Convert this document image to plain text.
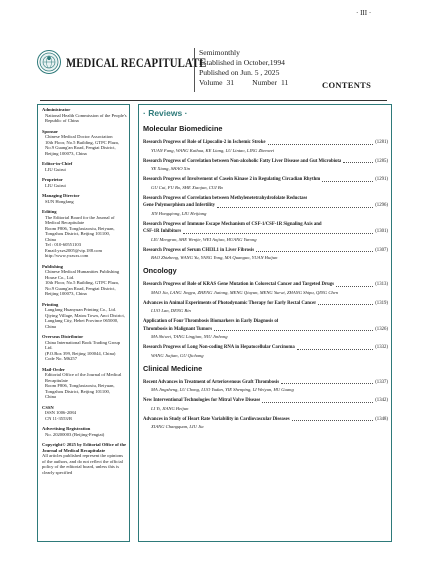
· III ·
MEDICAL RECAPITULATE
Semimonthly
Established in October,1994
Published on Jun. 5 , 2025
Volume 31 Number 11	CONTENTS
Administrator
National Health Commission of the People's Republic of China
Sponsor
Chinese Medical Doctor Association
10th Floor, No.5 Building, GTPC Plaza,
No.9 Guang'an Road, Fengtai District,
Beijing 100073, China
Editor-in-Chief
LIU Guirui
Proprietor
LIU Guirui
Managing Director
SUN Hongfang
Editing
The Editorial Board for the Journal of Medical Recapitulate
Room F806, Tongfaxiaoxiu, Beiyuan,
Tongzhou District, Beijing 101100,
China
Tel : 010-60551103
Email:yxzs2005@vip.188.com
http://www.yxzsxs.com
Publishing
Chinese Medical Humanities Publishing House Co., Ltd.
10th Floor, No.5 Building, GTPC Plaza,
No.9 Guang'an Road, Fengtai District,
Beijing 100073, China
Printing
Langfang Huanyuan Printing Co., Ltd.
Qiying Village, Matou Town, Anci District,
Langfang City, Hebei Province 065000, China
Overseas Distributor
China International Book Trading Group Ltd.
(P.O.Box 399, Beijing 100044, China)
Code No. M6257
Mail-Order
Editorial Office of the Journal of Medical Recapitulate
Room F806, Tongfaxiaoxiu, Beiyuan,
Tongzhou District, Beijing 101100,
China
CSSN
ISSN 1006-2084
CN 11-3553/R
Advertising Registration
No. 20200003 (Beijing-Fengtai)
Copyright© 2025 by Editorial Office of the Journal of Medical Recapitulate
All articles published represent the opinions of the authors, and do not reflect the official policy of the editorial board, unless this is clearly specified
· Reviews ·
Molecular Biomedicine
Research Progress of Role of Lipocalin-2 in Ischemic Stroke	(1281)
YUAN Fang, WANG Kaihua, KE Liang, LU Lintao, LING Zhenwei
Research Progress of Correlation between Non-alcoholic Fatty Liver Disease and Gut Microbiota	(1285)
YE Xiang, SHAO Xin
Research Progress of Involvement of Casein Kinase 2 in Regulating Circadian Rhythm	(1291)
GU Cui, FU Bo, SHE Xiaojun, CUI Bo
Research Progress of Correlation between Methylenetetrahydrofolate Reductase
Gene Polymorphism and Infertility	(1296)
JIN Hongqiong, LIU Heijiang
Research Progress of Immune Escape Mechanism of CSF-1/CSF-1R Signaling Axis and
CSF-1R Inhibitors	(1301)
LIU Mengran, SHE Wenjie, WEI Aojiao, HUANG Yurong
Research Progress of Serum CHI3L1 in Liver Fibrosis	(1307)
BAO Zhizheng, WANG Yu, YANG Yong, MA Quanguo, YUAN Huijun
Oncology
Research Progress of Role of KRAS Gene Mutation in Colorectal Cancer and Targeted Drugs	(1313)
MAO Jia, LANG Jingya, ZHENG Jiatong, MENG Qiuyun, MENG Yuewi, ZHANG Shipu, QING Chen
Advances in Animal Experiments of Photodynamic Therapy for Early Rectal Cancer	(1319)
LUO Lan, DENG Bin
Application of Four Thrombosis Biomarkers in Early Diagnosis of
Thrombosis in Malignant Tumors	(1326)
MA Shiwei, TANG Lingjian, NIU Jinhong
Research Progress of Long Non-coding RNA in Hepatocellular Carcinoma	(1332)
WANG Jiajian, GU Qichang
Clinical Medicine
Recent Advances in Treatment of Arteriovenous Graft Thrombosis	(1337)
MA Jingsheng, LU Chong, LUO Yudan, YIE Shenping, LI Weiyun, HU Guang
New Interventional Technologies for Mitral Valve Disease	(1342)
LI Yi, JIANG Heijun
Advances in Study of Heart Rate Variability in Cardiovascular Diseases	(1348)
XIANG Changquan, LIU Jia
